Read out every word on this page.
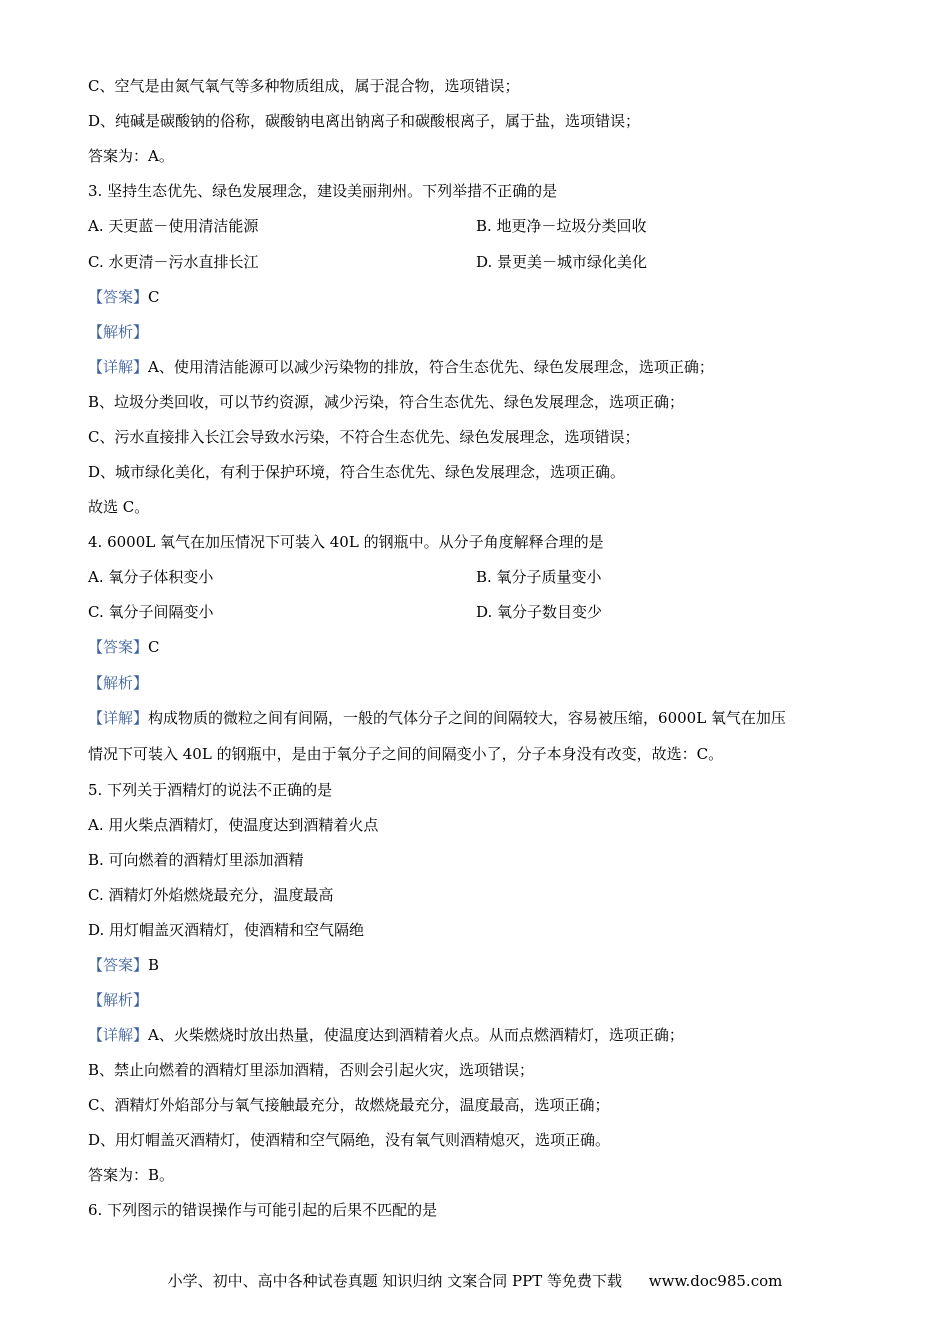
C、空气是由氮气氧气等多种物质组成，属于混合物，选项错误；
D、纯碱是碳酸钠的俗称，碳酸钠电离出钠离子和碳酸根离子，属于盐，选项错误；
答案为：A。
3. 坚持生态优先、绿色发展理念，建设美丽荆州。下列举措不正确的是
A. 天更蓝－使用清洁能源	B. 地更净－垃圾分类回收
C. 水更清－污水直排长江	D. 景更美－城市绿化美化
【答案】C
【解析】
【详解】A、使用清洁能源可以减少污染物的排放，符合生态优先、绿色发展理念，选项正确；
B、垃圾分类回收，可以节约资源，减少污染，符合生态优先、绿色发展理念，选项正确；
C、污水直接排入长江会导致水污染，不符合生态优先、绿色发展理念，选项错误；
D、城市绿化美化，有利于保护环境，符合生态优先、绿色发展理念，选项正确。
故选 C。
4. 6000L 氧气在加压情况下可装入 40L 的钢瓶中。从分子角度解释合理的是
A. 氧分子体积变小	B. 氧分子质量变小
C. 氧分子间隔变小	D. 氧分子数目变少
【答案】C
【解析】
【详解】构成物质的微粒之间有间隔，一般的气体分子之间的间隔较大，容易被压缩，6000L 氧气在加压
情况下可装入 40L 的钢瓶中，是由于氧分子之间的间隔变小了，分子本身没有改变，故选：C。
5. 下列关于酒精灯的说法不正确的是
A. 用火柴点酒精灯，使温度达到酒精着火点
B. 可向燃着的酒精灯里添加酒精
C. 酒精灯外焰燃烧最充分，温度最高
D. 用灯帽盖灭酒精灯，使酒精和空气隔绝
【答案】B
【解析】
【详解】A、火柴燃烧时放出热量，使温度达到酒精着火点。从而点燃酒精灯，选项正确；
B、禁止向燃着的酒精灯里添加酒精，否则会引起火灾，选项错误；
C、酒精灯外焰部分与氧气接触最充分，故燃烧最充分，温度最高，选项正确；
D、用灯帽盖灭酒精灯，使酒精和空气隔绝，没有氧气则酒精熄灭，选项正确。
答案为：B。
6. 下列图示的错误操作与可能引起的后果不匹配的是
小学、初中、高中各种试卷真题 知识归纳 文案合同 PPT 等免费下载 www.doc985.com
